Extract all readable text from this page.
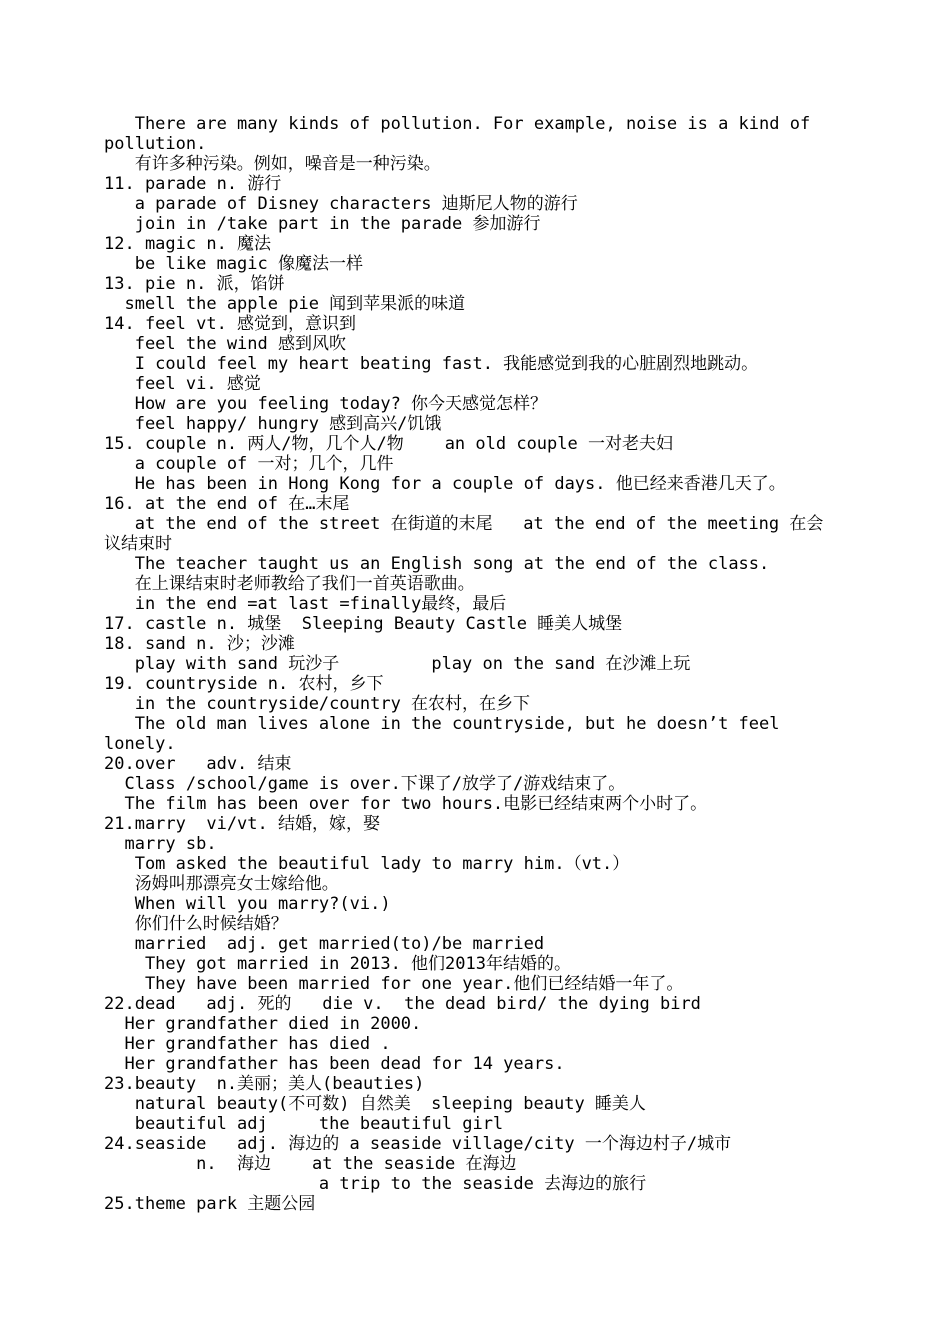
There are many kinds of pollution. For example, noise is a kind of
pollution.
有许多种污染。例如，噪音是一种污染。
11. parade n. 游行
a parade of Disney characters 迪斯尼人物的游行
join in /take part in the parade 参加游行
12. magic n. 魔法
be like magic 像魔法一样
13. pie n. 派，馅饼
smell the apple pie 闻到苹果派的味道
14. feel vt. 感觉到，意识到
feel the wind 感到风吹
I could feel my heart beating fast. 我能感觉到我的心脏剧烈地跳动。
feel vi. 感觉
How are you feeling today? 你今天感觉怎样？
feel happy/ hungry 感到高兴/饥饿
15. couple n. 两人/物，几个人/物    an old couple 一对老夫妇
a couple of 一对；几个，几件
He has been in Hong Kong for a couple of days. 他已经来香港几天了。
16. at the end of 在…末尾
at the end of the street 在街道的末尾   at the end of the meeting 在会
议结束时
The teacher taught us an English song at the end of the class.
在上课结束时老师教给了我们一首英语歌曲。
in the end =at last =finally最终，最后
17. castle n. 城堡  Sleeping Beauty Castle 睡美人城堡
18. sand n. 沙；沙滩
play with sand 玩沙子         play on the sand 在沙滩上玩
19. countryside n. 农村，乡下
in the countryside/country 在农村，在乡下
The old man lives alone in the countryside, but he doesn’t feel
lonely.
20.over   adv. 结束
Class /school/game is over.下课了/放学了/游戏结束了。
The film has been over for two hours.电影已经结束两个小时了。
21.marry  vi/vt. 结婚，嫁，娶
marry sb.
Tom asked the beautiful lady to marry him.（vt.）
汤姆叫那漂亮女士嫁给他。
When will you marry?(vi.)
你们什么时候结婚？
married  adj. get married(to)/be married
They got married in 2013. 他们2013年结婚的。
They have been married for one year.他们已经结婚一年了。
22.dead   adj. 死的   die v.  the dead bird/ the dying bird
Her grandfather died in 2000.
Her grandfather has died .
Her grandfather has been dead for 14 years.
23.beauty  n.美丽；美人(beauties)
natural beauty(不可数) 自然美  sleeping beauty 睡美人
beautiful adj     the beautiful girl
24.seaside   adj. 海边的 a seaside village/city 一个海边村子/城市
n.  海边    at the seaside 在海边
a trip to the seaside 去海边的旅行
25.theme park 主题公园
